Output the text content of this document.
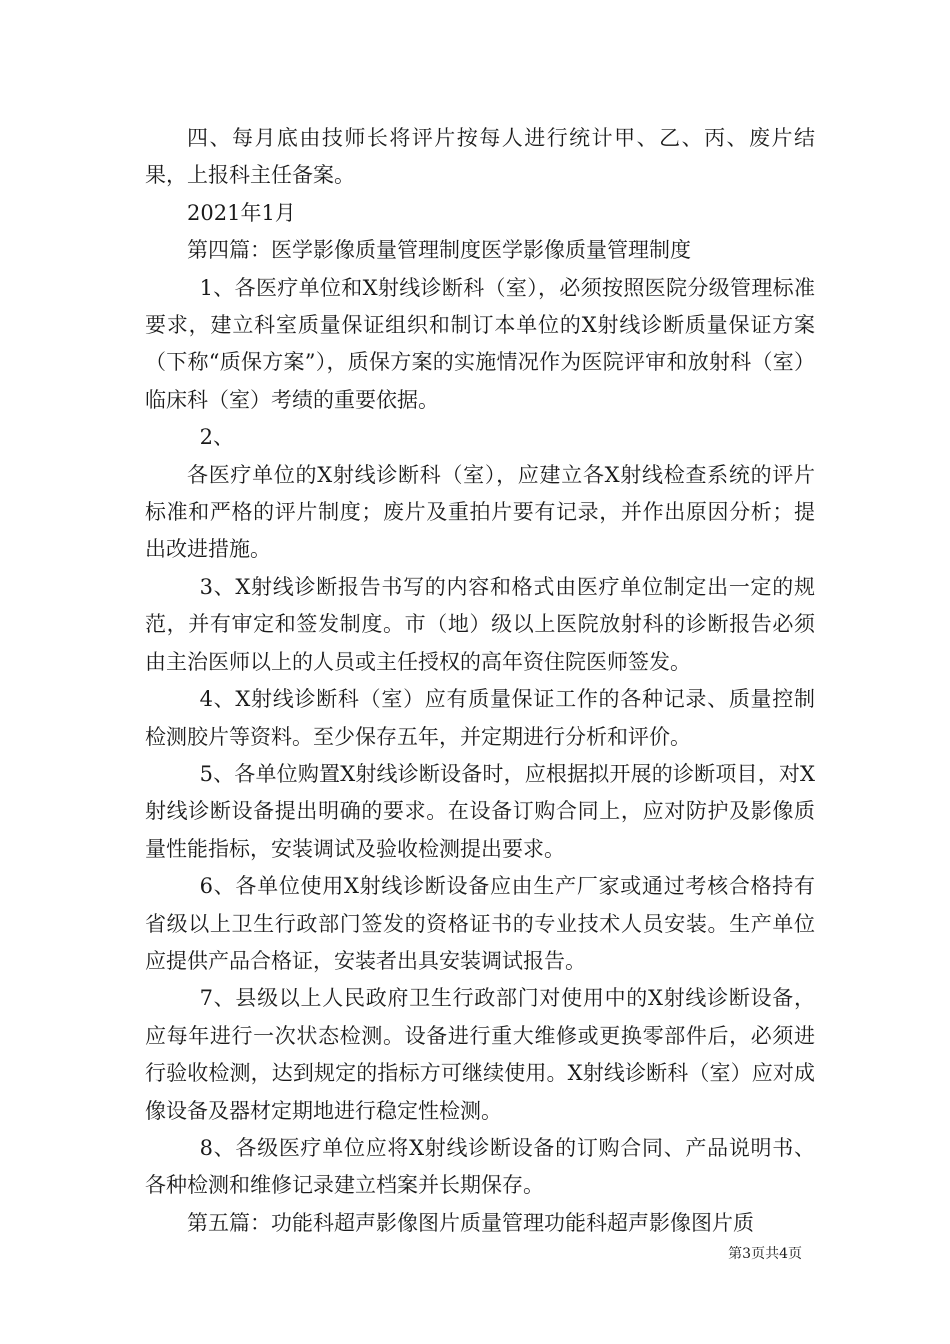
四、每月底由技师长将评片按每人进行统计甲、乙、丙、废片结果，上报科主任备案。

2021年1月

第四篇：医学影像质量管理制度医学影像质量管理制度

1、各医疗单位和X射线诊断科（室），必须按照医院分级管理标准要求，建立科室质量保证组织和制订本单位的X射线诊断质量保证方案（下称“质保方案”），质保方案的实施情况作为医院评审和放射科（室）临床科（室）考绩的重要依据。

2、

各医疗单位的X射线诊断科（室），应建立各X射线检查系统的评片标准和严格的评片制度；废片及重拍片要有记录，并作出原因分析；提出改进措施。

3、X射线诊断报告书写的内容和格式由医疗单位制定出一定的规范，并有审定和签发制度。市（地）级以上医院放射科的诊断报告必须由主治医师以上的人员或主任授权的高年资住院医师签发。

4、X射线诊断科（室）应有质量保证工作的各种记录、质量控制检测胶片等资料。至少保存五年，并定期进行分析和评价。

5、各单位购置X射线诊断设备时，应根据拟开展的诊断项目，对X射线诊断设备提出明确的要求。在设备订购合同上，应对防护及影像质量性能指标，安装调试及验收检测提出要求。

6、各单位使用X射线诊断设备应由生产厂家或通过考核合格持有省级以上卫生行政部门签发的资格证书的专业技术人员安装。生产单位应提供产品合格证，安装者出具安装调试报告。

7、县级以上人民政府卫生行政部门对使用中的X射线诊断设备，应每年进行一次状态检测。设备进行重大维修或更换零部件后，必须进行验收检测，达到规定的指标方可继续使用。X射线诊断科（室）应对成像设备及器材定期地进行稳定性检测。

8、各级医疗单位应将X射线诊断设备的订购合同、产品说明书、各种检测和维修记录建立档案并长期保存。

第五篇：功能科超声影像图片质量管理功能科超声影像图片质

第3页共4页
